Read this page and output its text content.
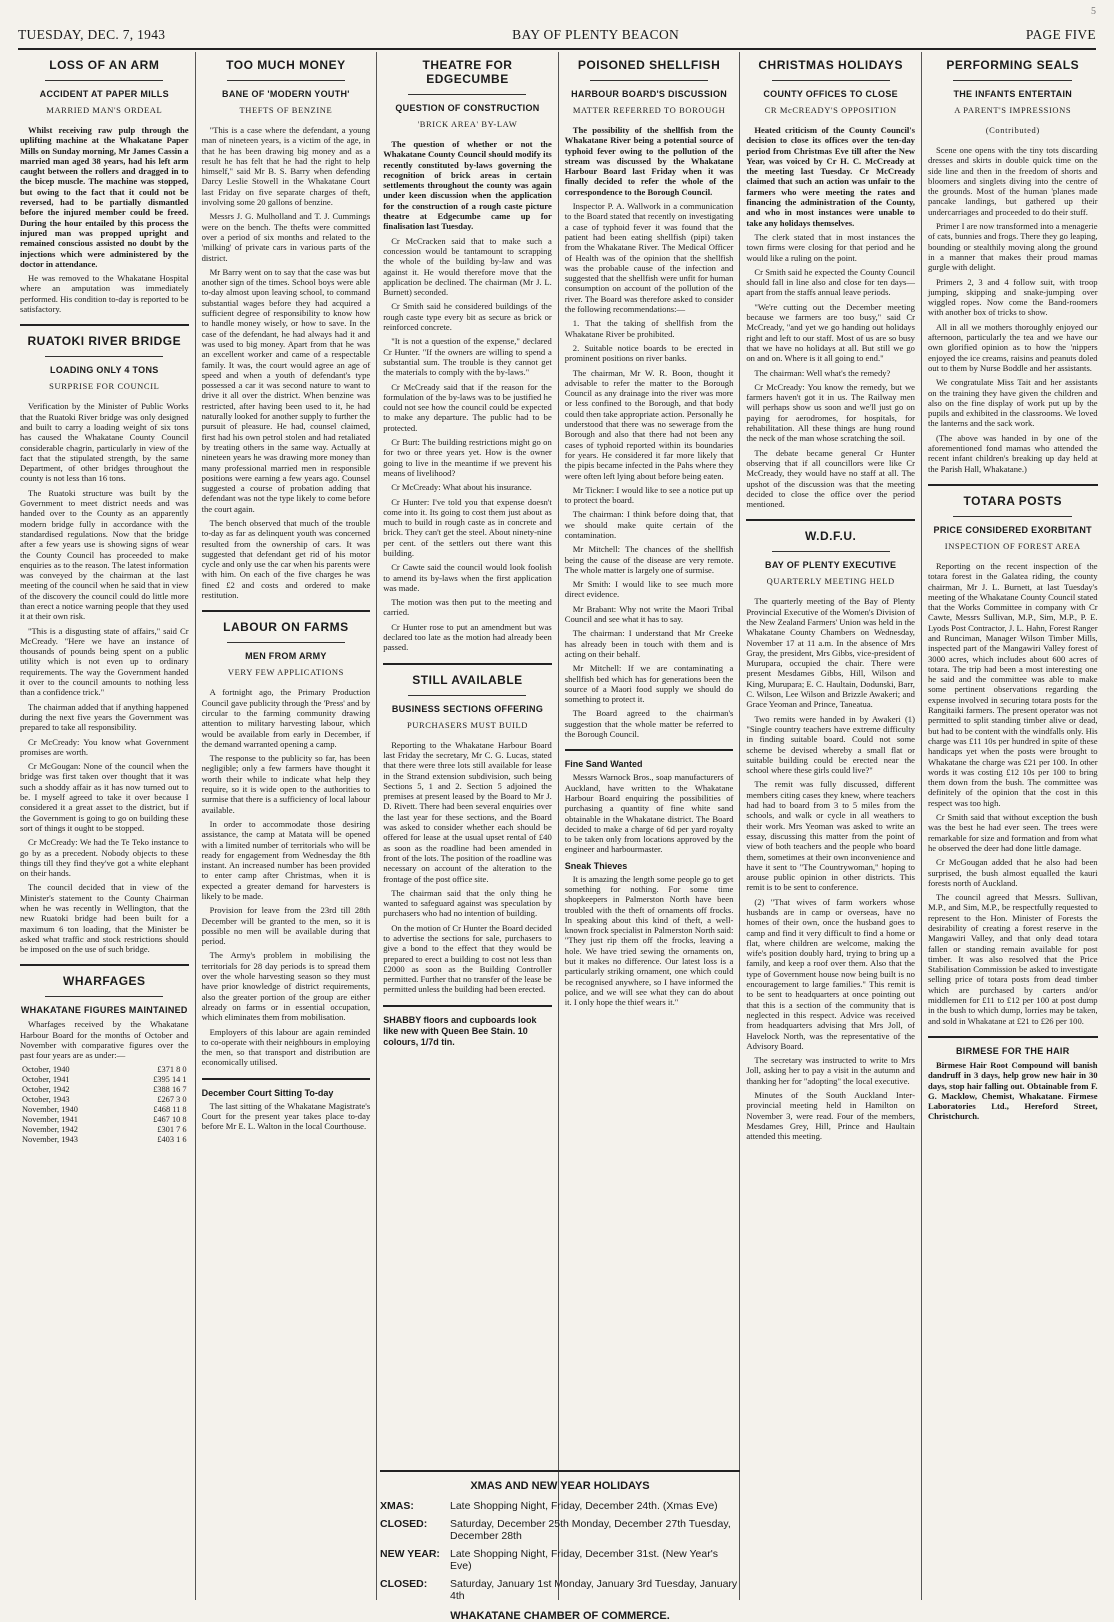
5
TUESDAY, DEC. 7, 1943	BAY OF PLENTY BEACON	PAGE FIVE
LOSS OF AN ARM
ACCIDENT AT PAPER MILLS
MARRIED MAN'S ORDEAL

Whilst receiving raw pulp through the uplifting machine at the Whakatane Paper Mills on Sunday morning, Mr James Cassin a married man aged 38 years, had his left arm caught between the rollers and dragged in to the bicep muscle. The machine was stopped, but owing to the fact that it could not be reversed, had to be partially dismantled before the injured member could be freed. During the hour entailed by this process the injured man was propped upright and remained conscious assisted no doubt by the injections which were administered by the doctor in attendance.

He was removed to the Whakatane Hospital where an amputation was immediately performed. His condition to-day is reported to be satisfactory.

RUATOKI RIVER BRIDGE
LOADING ONLY 4 TONS
SURPRISE FOR COUNCIL

Verification by the Minister of Public Works that the Ruatoki River bridge was only designed and built to carry a loading weight of six tons has caused the Whakatane County Council considerable chagrin, particularly in view of the fact that the stipulated strength, by the same Department, of other bridges throughout the county is not less than 16 tons.

The Ruatoki structure was built by the Government to meet district needs and was handed over to the County as an apparently modern bridge fully in accordance with the standardised regulations. Now that the bridge after a few years use is showing signs of wear the County Council has proceeded to make enquiries as to the reason. The latest information was conveyed by the chairman at the last meeting of the council when he said that in view of the discovery the council could do little more than erect a notice warning people that they used it at their own risk.

"This is a disgusting state of affairs," said Cr McCready. "Here we have an instance of thousands of pounds being spent on a public utility which is not even up to ordinary requirements. The way the Government handed it over to the council amounts to nothing less than a confidence trick."

The chairman added that if anything happened during the next five years the Government was prepared to take all responsibility.

Cr McCready: You know what Government promises are worth.

Cr McGougan: None of the council when the bridge was first taken over thought that it was such a shoddy affair as it has now turned out to be. I myself agreed to take it over because I considered it a great asset to the district, but if the Government is going to go on building these sort of things it ought to be stopped.

Cr McCready: We had the Te Teko instance to go by as a precedent. Nobody objects to these things till they find they've got a white elephant on their hands.

The council decided that in view of the Minister's statement to the County Chairman when he was recently in Wellington, that the new Ruatoki bridge had been built for a maximum 6 ton loading, that the Minister be asked what traffic and stock restrictions should be imposed on the use of such bridge.

WHARFAGES
WHAKATANE FIGURES MAINTAINED

Wharfages received by the Whakatane Harbour Board for the months of October and November with comparative figures over the past four years are as under:—

October, 1940	£371 8 0
October, 1941	£395 14 1
October, 1942	£388 16 7
October, 1943	£267 3 0
November, 1940	£468 11 8
November, 1941	£467 10 8
November, 1942	£301 7 6
November, 1943	£403 1 6
TOO MUCH MONEY
BANE OF 'MODERN YOUTH'
THEFTS OF BENZINE

"This is a case where the defendant, a young man of nineteen years, is a victim of the age, in that he has been drawing big money and as a result he has felt that he had the right to help himself," said Mr B. S. Barry when defending Darcy Leslie Stowell in the Whakatane Court last Friday on five separate charges of theft, involving some 20 gallons of benzine.

Messrs J. G. Mulholland and T. J. Cummings were on the bench. The thefts were committed over a period of six months and related to the 'milking' of private cars in various parts of the district.

Mr Barry went on to say that the case was but another sign of the times. School boys were able to-day almost upon leaving school, to command substantial wages before they had acquired a sufficient degree of responsibility to know how to handle money wisely, or how to save. In the case of the defendant, he had always had it and was used to big money. Apart from that he was an excellent worker and came of a respectable family. It was, the court would agree an age of speed and when a youth of defendant's type possessed a car it was second nature to want to drive it all over the district. When benzine was restricted, after having been used to it, he had naturally looked for another supply to further the pursuit of pleasure. He had, counsel claimed, first had his own petrol stolen and had retaliated by treating others in the same way. Actually at nineteen years he was drawing more money than many professional married men in responsible positions were earning a few years ago. Counsel suggested a course of probation adding that defendant was not the type likely to come before the court again.

The bench observed that much of the trouble to-day as far as delinquent youth was concerned resulted from the ownership of cars. It was suggested that defendant get rid of his motor cycle and only use the car when his parents were with him. On each of the five charges he was fined £2 and costs and ordered to make restitution.

LABOUR ON FARMS
MEN FROM ARMY
VERY FEW APPLICATIONS

A fortnight ago, the Primary Production Council gave publicity through the 'Press' and by circular to the farming community drawing attention to military harvesting labour, which would be available from early in December, if the demand warranted opening a camp.

The response to the publicity so far, has been negligible; only a few farmers have thought it worth their while to indicate what help they require, so it is wide open to the authorities to surmise that there is a sufficiency of local labour available.

In order to accommodate those desiring assistance, the camp at Matata will be opened with a limited number of territorials who will be ready for engagement from Wednesday the 8th instant. An increased number has been provided to enter camp after Christmas, when it is expected a greater demand for harvesters is likely to be made.

Provision for leave from the 23rd till 28th December will be granted to the men, so it is possible no men will be available during that period.

The Army's problem in mobilising the territorials for 28 day periods is to spread them over the whole harvesting season so they must have prior knowledge of district requirements, also the greater portion of the group are either already on farms or in essential occupation, which eliminates them from mobilisation.

Employers of this labour are again reminded to co-operate with their neighbours in employing the men, so that transport and distribution are economically utilised.

December Court Sitting To-day

The last sitting of the Whakatane Magistrate's Court for the present year takes place to-day before Mr E. L. Walton in the local Courthouse.

THEATRE FOR EDGECUMBE
QUESTION OF CONSTRUCTION
'BRICK AREA' BY-LAW

The question of whether or not the Whakatane County Council should modify its recently constituted by-laws governing the recognition of brick areas in certain settlements throughout the county was again under keen discussion when the application for the construction of a rough caste picture theatre at Edgecumbe came up for finalisation last Tuesday.

Cr McCracken said that to make such a concession would be tantamount to scrapping the whole of the building by-law and was against it. He would therefore move that the application be declined. The chairman (Mr J. L. Burnett) seconded.

Cr Smith said he considered buildings of the rough caste type every bit as secure as brick or reinforced concrete.

"It is not a question of the expense," declared Cr Hunter. "If the owners are willing to spend a substantial sum. The trouble is they cannot get the materials to comply with the by-laws."

Cr McCready said that if the reason for the formulation of the by-laws was to be justified he could not see how the council could be expected to make any departure. The public had to be protected.

Cr Burt: The building restrictions might go on for two or three years yet. How is the owner going to live in the meantime if we prevent his means of livelihood?

Cr McCready: What about his insurance.

Cr Hunter: I've told you that expense doesn't come into it. Its going to cost them just about as much to build in rough caste as in concrete and brick. They can't get the steel. About ninety-nine per cent. of the settlers out there want this building.

Cr Cawte said the council would look foolish to amend its by-laws when the first application was made.

The motion was then put to the meeting and carried.

Cr Hunter rose to put an amendment but was declared too late as the motion had already been passed.

STILL AVAILABLE
BUSINESS SECTIONS OFFERING
PURCHASERS MUST BUILD

Reporting to the Whakatane Harbour Board last Friday the secretary, Mr C. G. Lucas, stated that there were three lots still available for lease in the Strand extension subdivision, such being Sections 5, 1 and 2. Section 5 adjoined the premises at present leased by the Board to Mr J. D. Rivett. There had been several enquiries over the last year for these sections, and the Board was asked to consider whether each should be offered for lease at the usual upset rental of £40 as soon as the roadline had been amended in front of the lots. The position of the roadline was necessary on account of the alteration to the frontage of the post office site.

The chairman said that the only thing he wanted to safeguard against was speculation by purchasers who had no intention of building.

On the motion of Cr Hunter the Board decided to advertise the sections for sale, purchasers to give a bond to the effect that they would be prepared to erect a building to cost not less than £2000 as soon as the Building Controller permitted. Further that no transfer of the lease be permitted unless the building had been erected.

SHABBY floors and cupboards look like new with Queen Bee Stain. 10 colours, 1/7d tin.
POISONED SHELLFISH
HARBOUR BOARD'S DISCUSSION
MATTER REFERRED TO BOROUGH

The possibility of the shellfish from the Whakatane River being a potential source of typhoid fever owing to the pollution of the stream was discussed by the Whakatane Harbour Board last Friday when it was finally decided to refer the whole of the correspondence to the Borough Council.

Inspector P. A. Wallwork in a communication to the Board stated that recently on investigating a case of typhoid fever it was found that the patient had been eating shellfish (pipi) taken from the Whakatane River. The Medical Officer of Health was of the opinion that the shellfish was the probable cause of the infection and suggested that the shellfish were unfit for human consumption on account of the pollution of the river. The Board was therefore asked to consider the following recommendations:—

1. That the taking of shellfish from the Whakatane River be prohibited.

2. Suitable notice boards to be erected in prominent positions on river banks.

The chairman, Mr W. R. Boon, thought it advisable to refer the matter to the Borough Council as any drainage into the river was more or less confined to the Borough, and that body could then take appropriate action. Personally he understood that there was no sewerage from the Borough and also that there had not been any cases of typhoid reported within its boundaries for years. He considered it far more likely that the pipis became infected in the Pahs where they were often left lying about before being eaten.

Mr Tickner: I would like to see a notice put up to protect the board.

The chairman: I think before doing that, that we should make quite certain of the contamination.

Mr Mitchell: The chances of the shellfish being the cause of the disease are very remote. The whole matter is largely one of surmise.

Mr Smith: I would like to see much more direct evidence.

Mr Brabant: Why not write the Maori Tribal Council and see what it has to say.

The chairman: I understand that Mr Creeke has already been in touch with them and is acting on their behalf.

Mr Mitchell: If we are contaminating a shellfish bed which has for generations been the source of a Maori food supply we should do something to protect it.

The Board agreed to the chairman's suggestion that the whole matter be referred to the Borough Council.

Fine Sand Wanted

Messrs Warnock Bros., soap manufacturers of Auckland, have written to the Whakatane Harbour Board enquiring the possibilities of purchasing a quantity of fine white sand obtainable in the Whakatane district. The Board decided to make a charge of 6d per yard royalty to be taken only from locations approved by the engineer and harbourmaster.

Sneak Thieves

It is amazing the length some people go to get something for nothing. For some time shopkeepers in Palmerston North have been troubled with the theft of ornaments off frocks. In speaking about this kind of theft, a well-known frock specialist in Palmerston North said: "They just rip them off the frocks, leaving a hole. We have tried sewing the ornaments on, but it makes no difference. Our latest loss is a particularly striking ornament, one which could be recognised anywhere, so I have informed the police, and we will see what they can do about it. I only hope the thief wears it."

CHRISTMAS HOLIDAYS
COUNTY OFFICES TO CLOSE
CR McCREADY'S OPPOSITION

Heated criticism of the County Council's decision to close its offices over the ten-day period from Christmas Eve till after the New Year, was voiced by Cr H. C. McCready at the meeting last Tuesday. Cr McCready claimed that such an action was unfair to the farmers who were meeting the rates and financing the administration of the County, and who in most instances were unable to take any holidays themselves.

The clerk stated that in most instances the town firms were closing for that period and he would like a ruling on the point.

Cr Smith said he expected the County Council should fall in line also and close for ten days—apart from the staffs annual leave periods.

"We're cutting out the December meeting because we farmers are too busy," said Cr McCready, "and yet we go handing out holidays right and left to our staff. Most of us are so busy that we have no holidays at all. But still we go on and on. Where is it all going to end."

The chairman: Well what's the remedy?

Cr McCready: You know the remedy, but we farmers haven't got it in us. The Railway men will perhaps show us soon and we'll just go on paying for aerodromes, for hospitals, for rehabilitation. All these things are hung round the neck of the man whose scratching the soil.

The debate became general Cr Hunter observing that if all councillors were like Cr McCready, they would have no staff at all. The upshot of the discussion was that the meeting decided to close the office over the period mentioned.

W.D.F.U.
BAY OF PLENTY EXECUTIVE
QUARTERLY MEETING HELD

The quarterly meeting of the Bay of Plenty Provincial Executive of the Women's Division of the New Zealand Farmers' Union was held in the Whakatane County Chambers on Wednesday, November 17 at 11 a.m. In the absence of Mrs Gray, the president, Mrs Gibbs, vice-president of Murupara, occupied the chair. There were present Mesdames Gibbs, Hill, Wilson and King, Murupara; E. C. Haultain, Dodunski, Barr, C. Wilson, Lee Wilson and Brizzle Awakeri; and Grace Yeoman and Prince, Taneatua.

Two remits were handed in by Awakeri (1) "Single country teachers have extreme difficulty in finding suitable board. Could not some scheme be devised whereby a small flat or suitable building could be erected near the school where these girls could live?"

The remit was fully discussed, different members citing cases they knew, where teachers had had to board from 3 to 5 miles from the schools, and walk or cycle in all weathers to their work. Mrs Yeoman was asked to write an essay, discussing this matter from the point of view of both teachers and the people who board them, sometimes at their own inconvenience and have it sent to "The Countrywoman," hoping to arouse public opinion in other districts. This remit is to be sent to conference.

(2) "That wives of farm workers whose husbands are in camp or overseas, have no homes of their own, once the husband goes to camp and find it very difficult to find a home or flat, where children are welcome, making the wife's position doubly hard, trying to bring up a family, and keep a roof over them. Also that the type of Government house now being built is no encouragement to large families." This remit is to be sent to headquarters at once pointing out that this is a section of the community that is neglected in this respect. Advice was received from headquarters advising that Mrs Joll, of Havelock North, was the representative of the Advisory Board.

The secretary was instructed to write to Mrs Joll, asking her to pay a visit in the autumn and thanking her for "adopting" the local executive.

Minutes of the South Auckland Inter-provincial meeting held in Hamilton on November 3, were read. Four of the members, Mesdames Grey, Hill, Prince and Haultain attended this meeting.

PERFORMING SEALS
THE INFANTS ENTERTAIN
A PARENT'S IMPRESSIONS
(Contributed)

Scene one opens with the tiny tots discarding dresses and skirts in double quick time on the side line and then in the freedom of shorts and bloomers and singlets diving into the centre of the grounds. Most of the human 'planes made pancake landings, but gathered up their undercarriages and proceeded to do their stuff.

Primer I are now transformed into a menagerie of cats, bunnies and frogs. There they go leaping, bounding or stealthily moving along the ground in a manner that makes their proud mamas gurgle with delight.

Primers 2, 3 and 4 follow suit, with troop jumping, skipping and snake-jumping over wiggled ropes. Now come the Band-roomers with another box of tricks to show.

All in all we mothers thoroughly enjoyed our afternoon, particularly the tea and we have our own glorified opinion as to how the 'nippers enjoyed the ice creams, raisins and peanuts doled out to them by Nurse Boddle and her assistants.

We congratulate Miss Tait and her assistants on the training they have given the children and also on the fine display of work put up by the pupils and exhibited in the classrooms. We loved the lanterns and the sack work.

(The above was handed in by one of the aforementioned fond mamas who attended the recent infant children's breaking up day held at the Parish Hall, Whakatane.)

TOTARA POSTS
PRICE CONSIDERED EXORBITANT
INSPECTION OF FOREST AREA

Reporting on the recent inspection of the totara forest in the Galatea riding, the county chairman, Mr J. L. Burnett, at last Tuesday's meeting of the Whakatane County Council stated that the Works Committee in company with Cr Cawte, Messrs Sullivan, M.P., Sim, M.P., P. E. Lyods Post Contractor, J. L. Hahn, Forest Ranger and Runciman, Manager Wilson Timber Mills, inspected part of the Mangawiri Valley forest of 3000 acres, which includes about 600 acres of totara. The trip had been a most interesting one he said and the committee was able to make some pertinent observations regarding the expense involved in securing totara posts for the Rangitaiki farmers. The present operator was not permitted to split standing timber alive or dead, but had to be content with the windfalls only. His charge was £11 10s per hundred in spite of these handicaps yet when the posts were brought to Whakatane the charge was £21 per 100. In other words it was costing £12 10s per 100 to bring them down from the bush. The committee was definitely of the opinion that the cost in this respect was too high.

Cr Smith said that without exception the bush was the best he had ever seen. The trees were remarkable for size and formation and from what he observed the deer had done little damage.

Cr McGougan added that he also had been surprised, the bush almost equalled the kauri forests north of Auckland.

The council agreed that Messrs. Sullivan, M.P., and Sim, M.P., be respectfully requested to represent to the Hon. Minister of Forests the desirability of creating a forest reserve in the Mangawiri Valley, and that only dead totara fallen or standing remain available for post timber. It was also resolved that the Price Stabilisation Commission be asked to investigate selling price of totara posts from dead timber which are purchased by carters and/or middlemen for £11 to £12 per 100 at post dump in the bush to which dump, lorries may be taken, and sold in Whakatane at £21 to £26 per 100.

BIRMESE FOR THE HAIR

Birmese Hair Root Compound will banish dandruff in 3 days, help grow new hair in 30 days, stop hair falling out. Obtainable from F. G. Macklow, Chemist, Whakatane. Firmese Laboratories Ltd., Hereford Street, Christchurch.

XMAS AND NEW YEAR HOLIDAYS
XMAS:	Late Shopping Night, Friday, December 24th. (Xmas Eve)
CLOSED:	Saturday, December 25th Monday, December 27th Tuesday, December 28th
NEW YEAR: Late Shopping Night, Friday, December 31st. (New Year's Eve)
CLOSED:	Saturday, January 1st Monday, January 3rd Tuesday, January 4th
WHAKATANE CHAMBER OF COMMERCE.
